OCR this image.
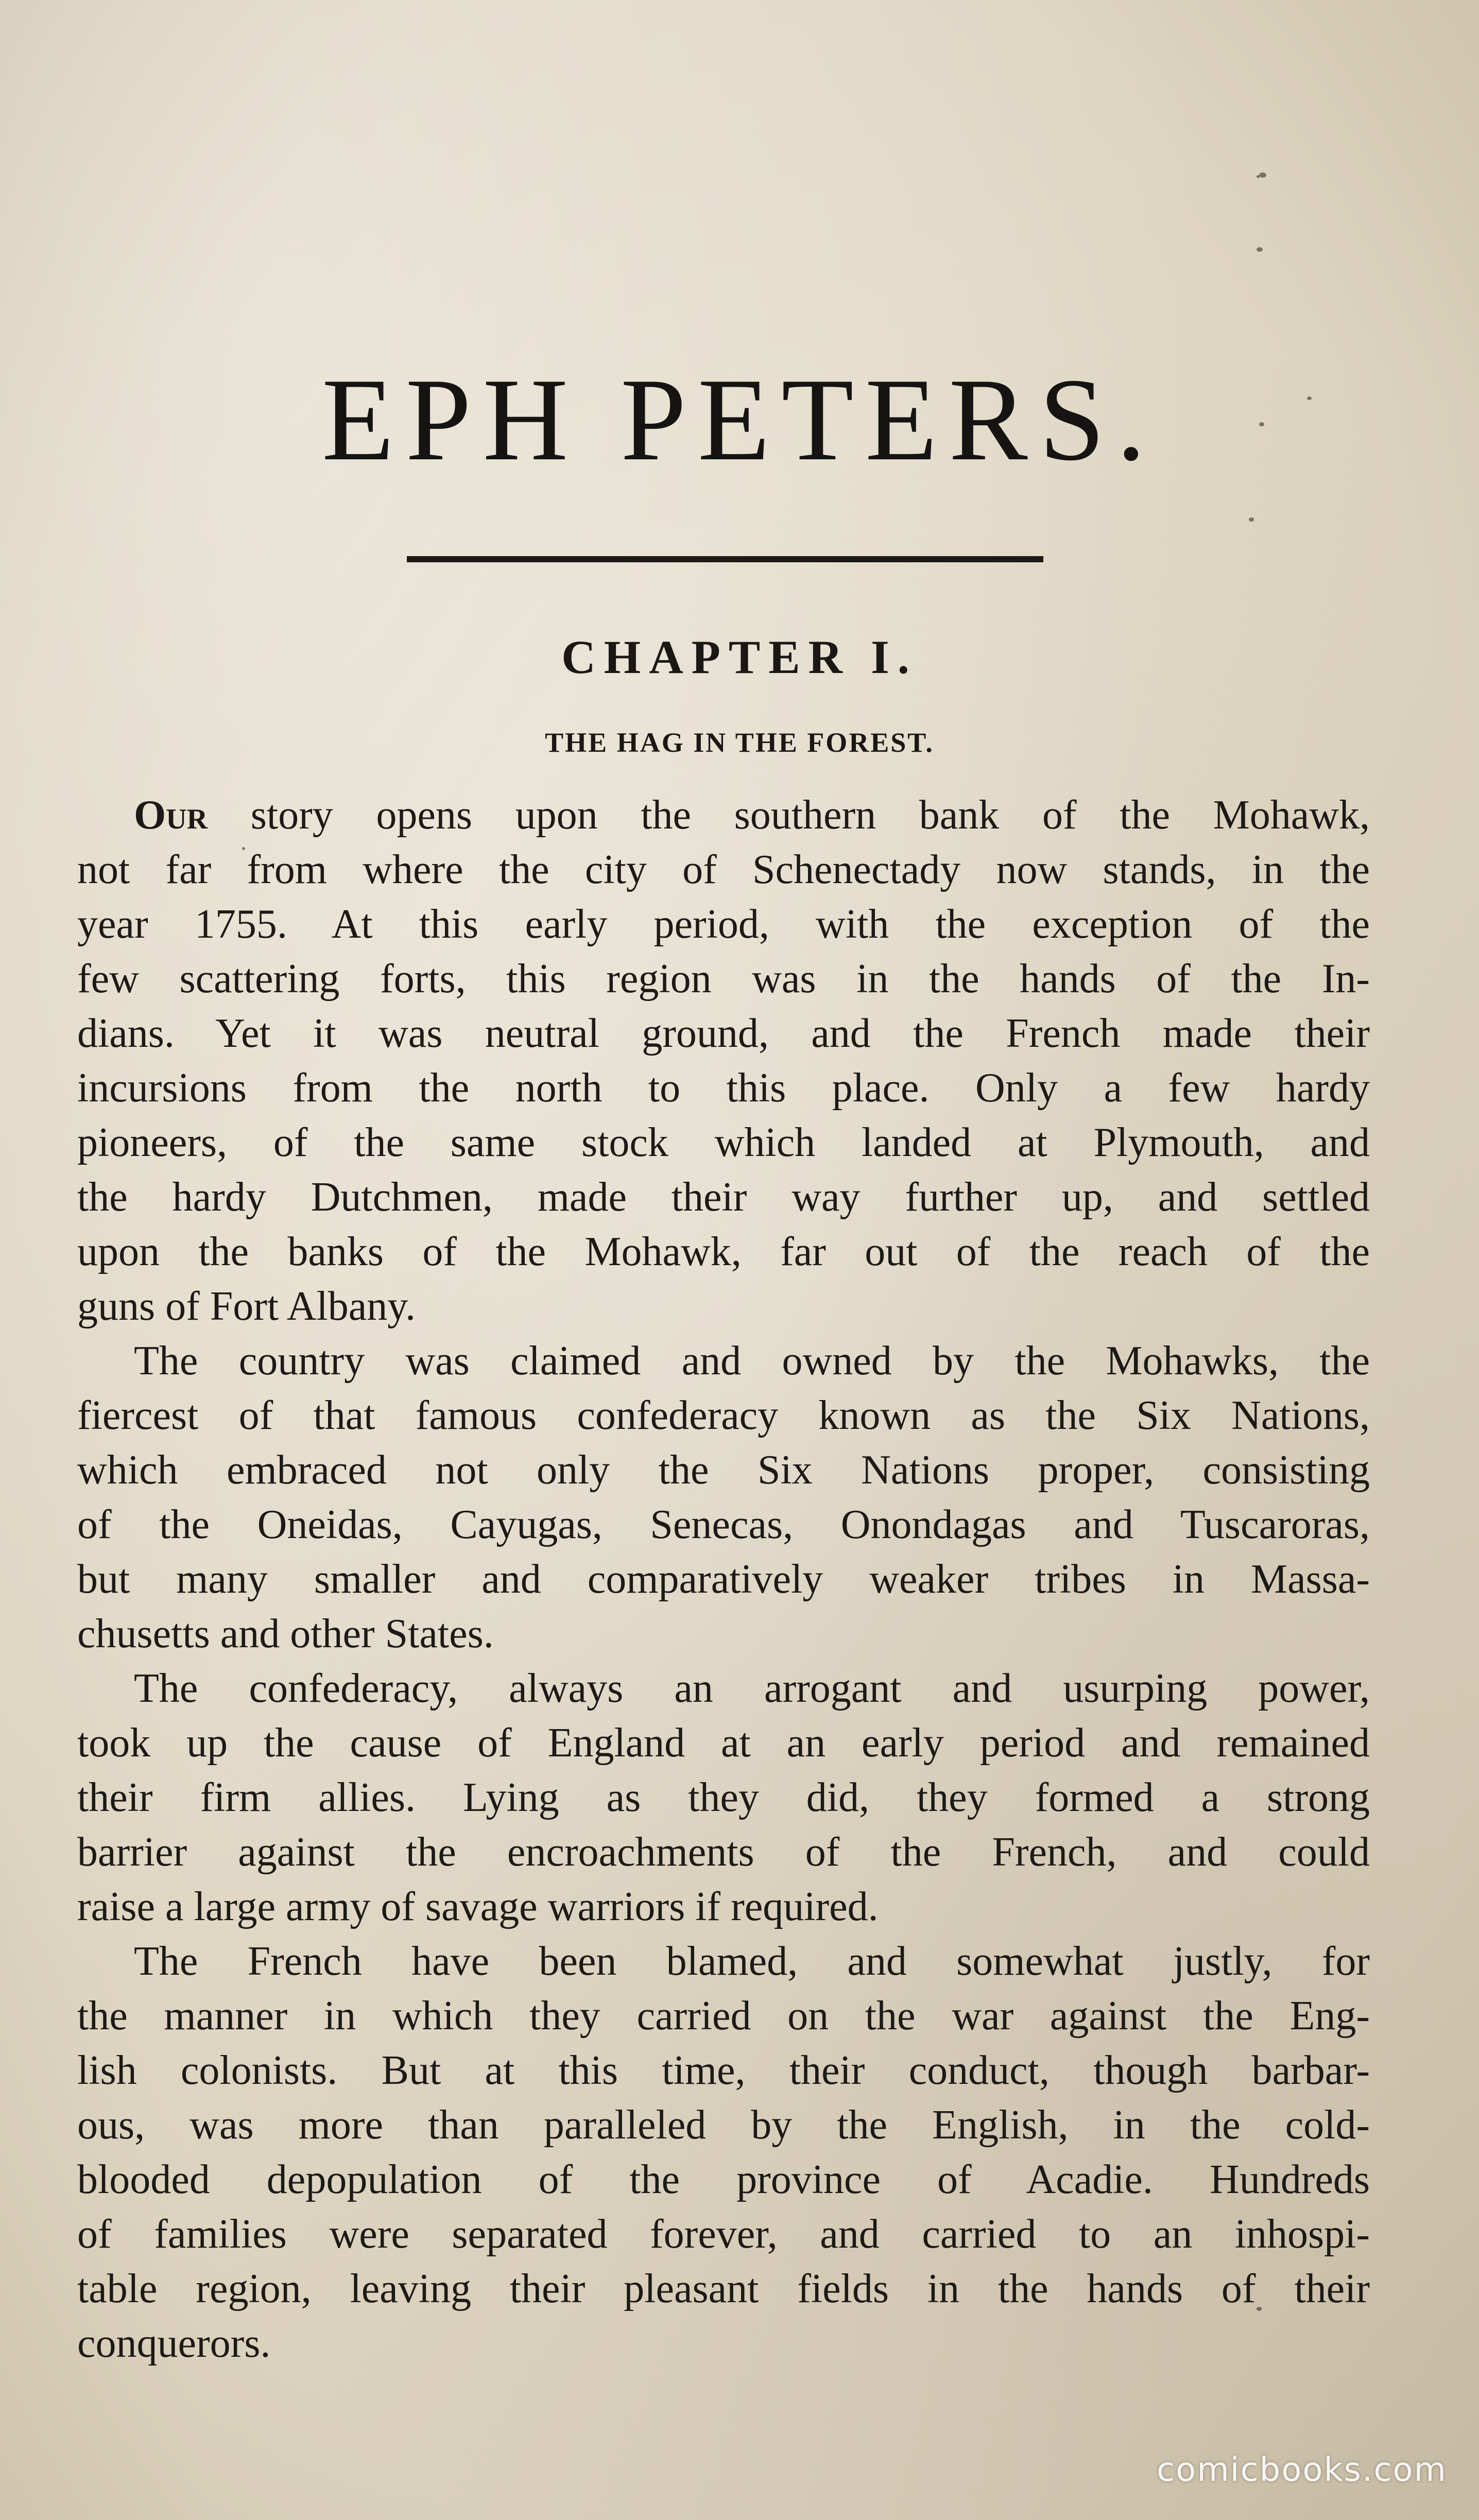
EPH PETERS.
CHAPTER I.
THE HAG IN THE FOREST.
Our story opens upon the southern bank of the Mohawk,
not far from where the city of Schenectady now stands, in the
year 1755. At this early period, with the exception of the
few scattering forts, this region was in the hands of the In-
dians. Yet it was neutral ground, and the French made their
incursions from the north to this place. Only a few hardy
pioneers, of the same stock which landed at Plymouth, and
the hardy Dutchmen, made their way further up, and settled
upon the banks of the Mohawk, far out of the reach of the
guns of Fort Albany.
The country was claimed and owned by the Mohawks, the
fiercest of that famous confederacy known as the Six Nations,
which embraced not only the Six Nations proper, consisting
of the Oneidas, Cayugas, Senecas, Onondagas and Tuscaroras,
but many smaller and comparatively weaker tribes in Massa-
chusetts and other States.
The confederacy, always an arrogant and usurping power,
took up the cause of England at an early period and remained
their firm allies. Lying as they did, they formed a strong
barrier against the encroachments of the French, and could
raise a large army of savage warriors if required.
The French have been blamed, and somewhat justly, for
the manner in which they carried on the war against the Eng-
lish colonists. But at this time, their conduct, though barbar-
ous, was more than paralleled by the English, in the cold-
blooded depopulation of the province of Acadie. Hundreds
of families were separated forever, and carried to an inhospi-
table region, leaving their pleasant fields in the hands of their
conquerors.
comicbooks.com
